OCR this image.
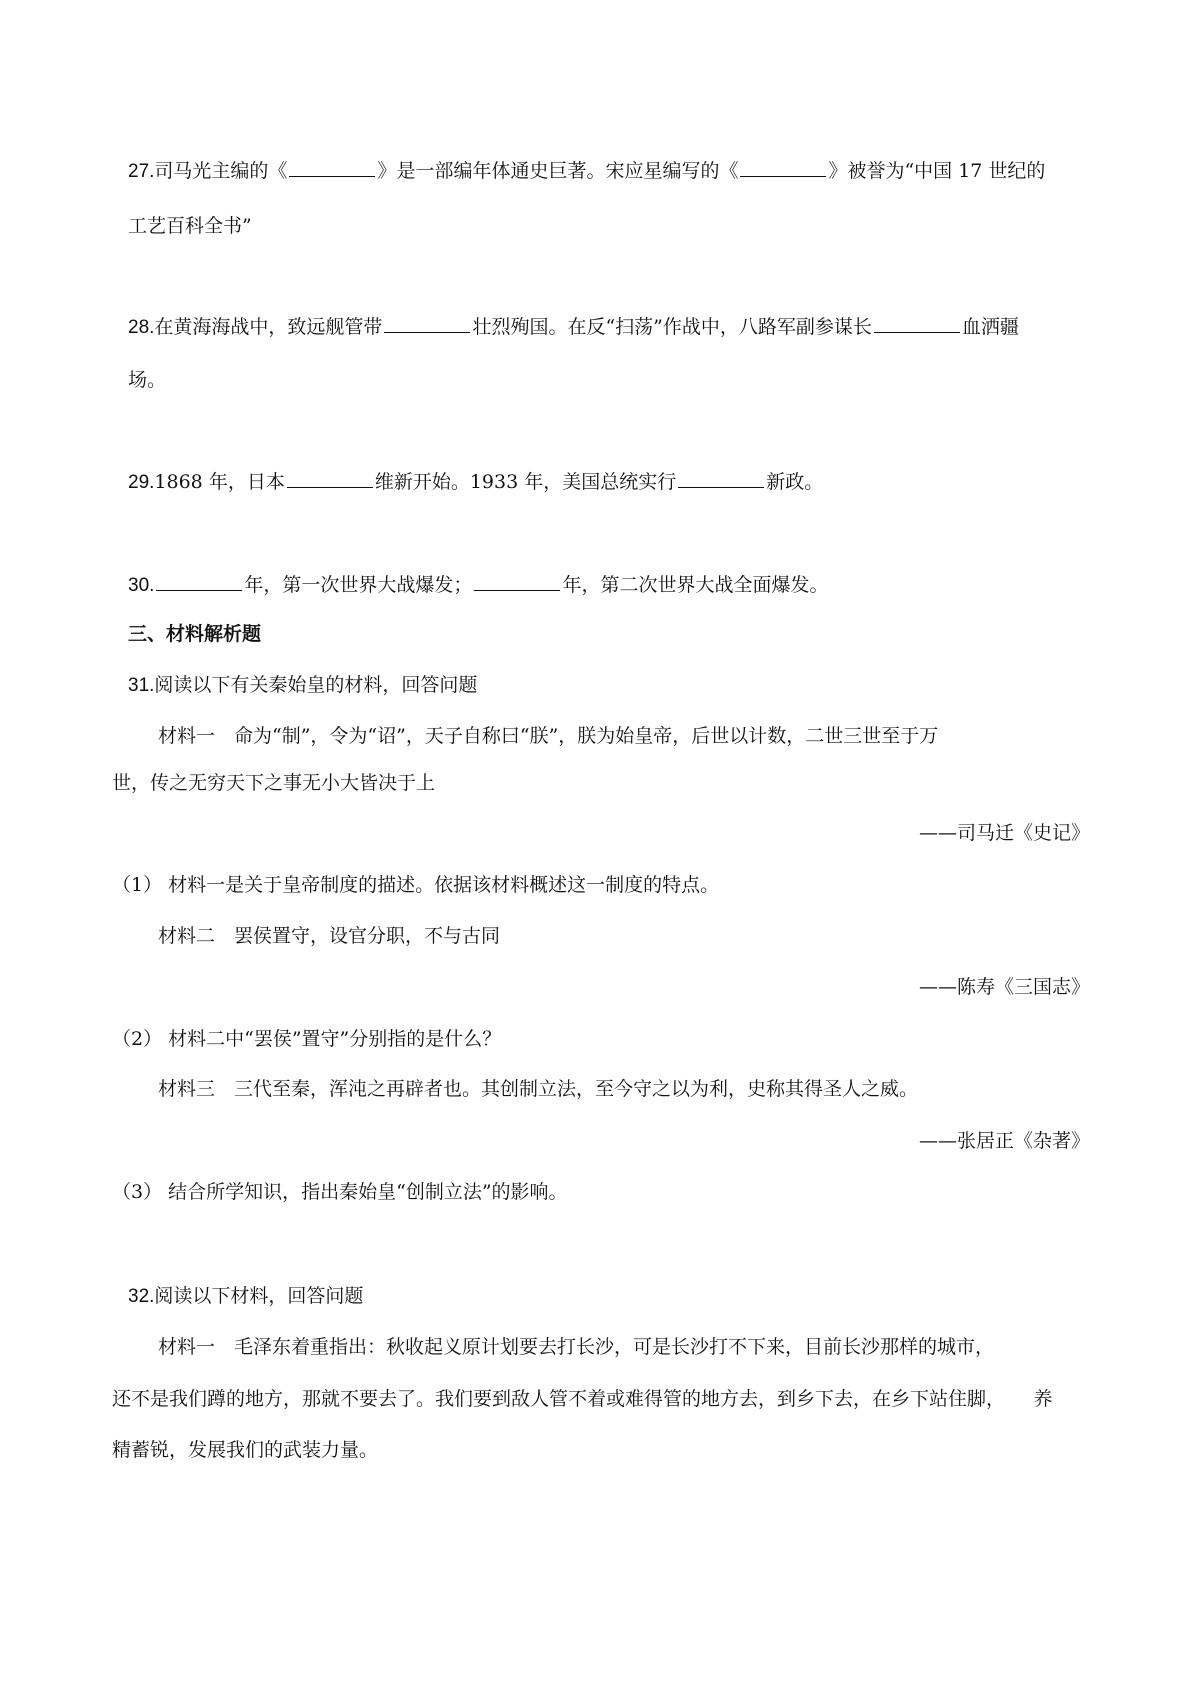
27.司马光主编的《	》是一部编年体通史巨著。宋应星编写的《	》被誉为“中国 17 世纪的
工艺百科全书”
28.在黄海海战中，致远舰管带	壮烈殉国。在反“扫荡”作战中，八路军副参谋长	血洒疆
场。
29.1868 年，日本	维新开始。1933 年，美国总统实行	新政。
30.	年，第一次世界大战爆发；	年，第二次世界大战全面爆发。
三、材料解析题
31.阅读以下有关秦始皇的材料，回答问题
材料一　命为“制”，令为“诏”，天子自称曰“朕”，朕为始皇帝，后世以计数，二世三世至于万
世，传之无穷天下之事无小大皆决于上
——司马迁《史记》
（1） 材料一是关于皇帝制度的描述。依据该材料概述这一制度的特点。
材料二　罢侯置守，设官分职，不与古同
——陈寿《三国志》
（2） 材料二中“罢侯”置守”分别指的是什么？
材料三　三代至秦，浑沌之再辟者也。其创制立法，至今守之以为利，史称其得圣人之威。
——张居正《杂著》
（3） 结合所学知识，指出秦始皇“创制立法”的影响。
32.阅读以下材料，回答问题
材料一　毛泽东着重指出：秋收起义原计划要去打长沙，可是长沙打不下来，目前长沙那样的城市，
还不是我们蹲的地方，那就不要去了。我们要到敌人管不着或难得管的地方去，到乡下去，在乡下站住脚，　　养
精蓄锐，发展我们的武装力量。
